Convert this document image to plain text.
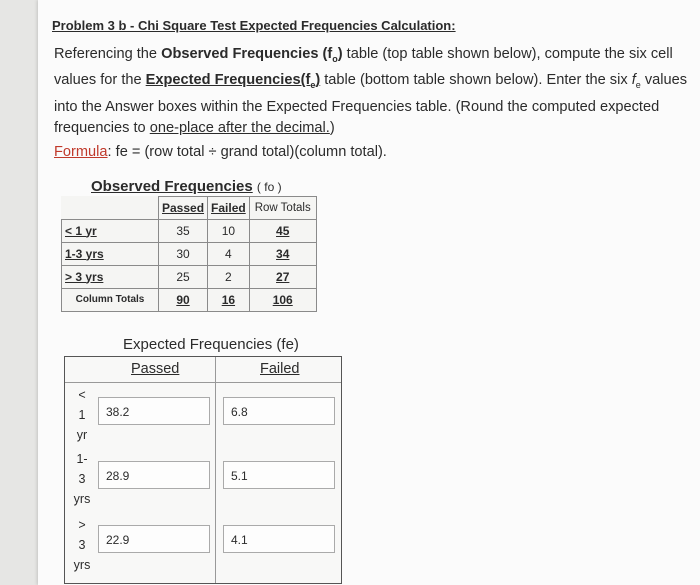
Problem 3 b - Chi Square Test Expected Frequencies Calculation:
Referencing the Observed Frequencies $(f_o)$ table (top table shown below), compute the six cell values for the Expected $Frequencies(f_e)$ table (bottom table shown below). Enter the six $f_e$ values into the Answer boxes within the Expected Frequencies table. (Round the computed expected frequencies to one-place after the decimal.)
Formula: fe = (row total ÷ grand total)(column total).
Observed Frequencies ( fo )
	Passed	Failed	Row Totals
< 1 yr	35	10	45
1-3 yrs	30	4	34
> 3 yrs	25	2	27
Column Totals	90	16	106
Expected Frequencies (fe)
Passed	Failed
<
1
yr
38.2	6.8
1-
3
yrs
28.9	5.1
>
3
yrs
22.9	4.1
